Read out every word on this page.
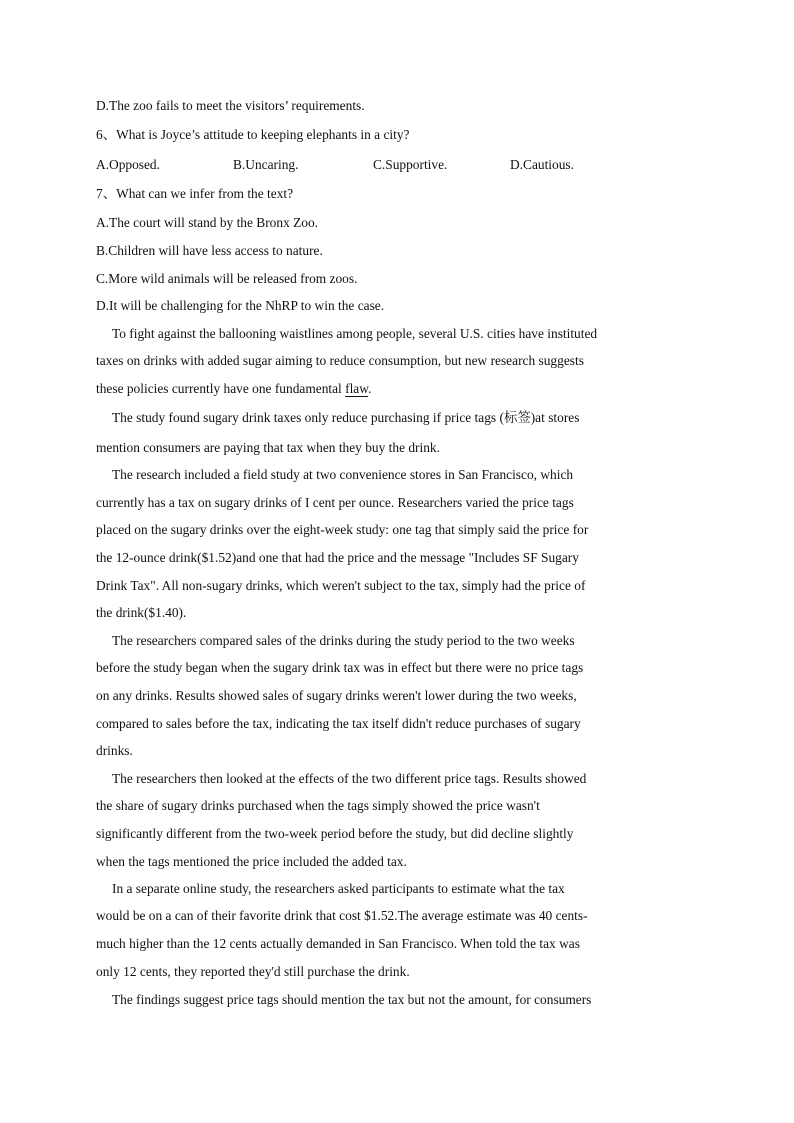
D.The zoo fails to meet the visitors’ requirements.
6、What is Joyce’s attitude to keeping elephants in a city?
A.Opposed.	B.Uncaring.	C.Supportive.	D.Cautious.
7、What can we infer from the text?
A.The court will stand by the Bronx Zoo.
B.Children will have less access to nature.
C.More wild animals will be released from zoos.
D.It will be challenging for the NhRP to win the case.
To fight against the ballooning waistlines among people, several U.S. cities have instituted
taxes on drinks with added sugar aiming to reduce consumption, but new research suggests
these policies currently have one fundamental flaw.
The study found sugary drink taxes only reduce purchasing if price tags (标签)at stores
mention consumers are paying that tax when they buy the drink.
The research included a field study at two convenience stores in San Francisco, which
currently has a tax on sugary drinks of I cent per ounce. Researchers varied the price tags
placed on the sugary drinks over the eight-week study: one tag that simply said the price for
the 12-ounce drink($1.52)and one that had the price and the message "Includes SF Sugary
Drink Tax". All non-sugary drinks, which weren't subject to the tax, simply had the price of
the drink($1.40).
The researchers compared sales of the drinks during the study period to the two weeks
before the study began when the sugary drink tax was in effect but there were no price tags
on any drinks. Results showed sales of sugary drinks weren't lower during the two weeks,
compared to sales before the tax, indicating the tax itself didn't reduce purchases of sugary
drinks.
The researchers then looked at the effects of the two different price tags. Results showed
the share of sugary drinks purchased when the tags simply showed the price wasn't
significantly different from the two-week period before the study, but did decline slightly
when the tags mentioned the price included the added tax.
In a separate online study, the researchers asked participants to estimate what the tax
would be on a can of their favorite drink that cost $1.52.The average estimate was 40 cents-
much higher than the 12 cents actually demanded in San Francisco. When told the tax was
only 12 cents, they reported they'd still purchase the drink.
The findings suggest price tags should mention the tax but not the amount, for consumers
